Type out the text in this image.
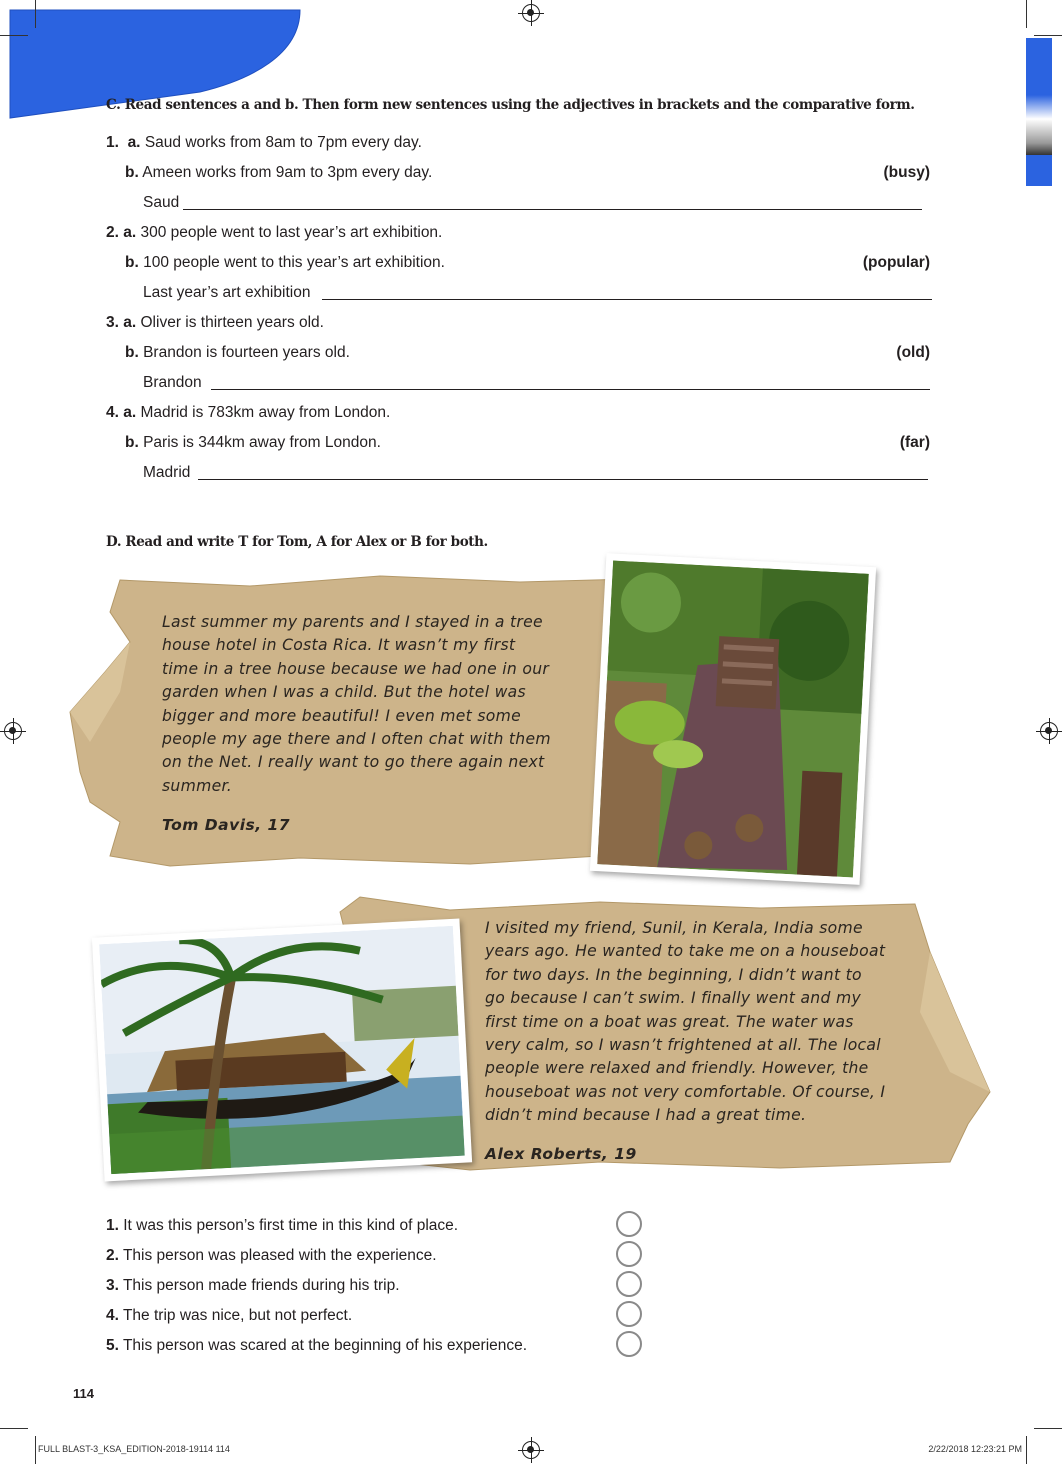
C. Read sentences a and b. Then form new sentences using the adjectives in brackets and the comparative form.
1. a. Saud works from 8am to 7pm every day.
b. Ameen works from 9am to 3pm every day.	(busy)
Saud
2. a. 300 people went to last year’s art exhibition.
b. 100 people went to this year’s art exhibition.	(popular)
Last year’s art exhibition
3. a. Oliver is thirteen years old.
b. Brandon is fourteen years old.	(old)
Brandon
4. a. Madrid is 783km away from London.
b. Paris is 344km away from London.	(far)
Madrid
D. Read and write T for Tom, A for Alex or B for both.
Last summer my parents and I stayed in a tree
house hotel in Costa Rica. It wasn’t my first
time in a tree house because we had one in our
garden when I was a child. But the hotel was
bigger and more beautiful! I even met some
people my age there and I often chat with them
on the Net. I really want to go there again next
summer.
Tom Davis, 17
I visited my friend, Sunil, in Kerala, India some
years ago. He wanted to take me on a houseboat
for two days. In the beginning, I didn’t want to
go because I can’t swim. I finally went and my
first time on a boat was great. The water was
very calm, so I wasn’t frightened at all. The local
people were relaxed and friendly. However, the
houseboat was not very comfortable. Of course, I
didn’t mind because I had a great time.
Alex Roberts, 19
1. It was this person’s first time in this kind of place.
2. This person was pleased with the experience.
3. This person made friends during his trip.
4. The trip was nice, but not perfect.
5. This person was scared at the beginning of his experience.
114
FULL BLAST-3_KSA_EDITION-2018-19114 114	2/22/2018 12:23:21 PM
